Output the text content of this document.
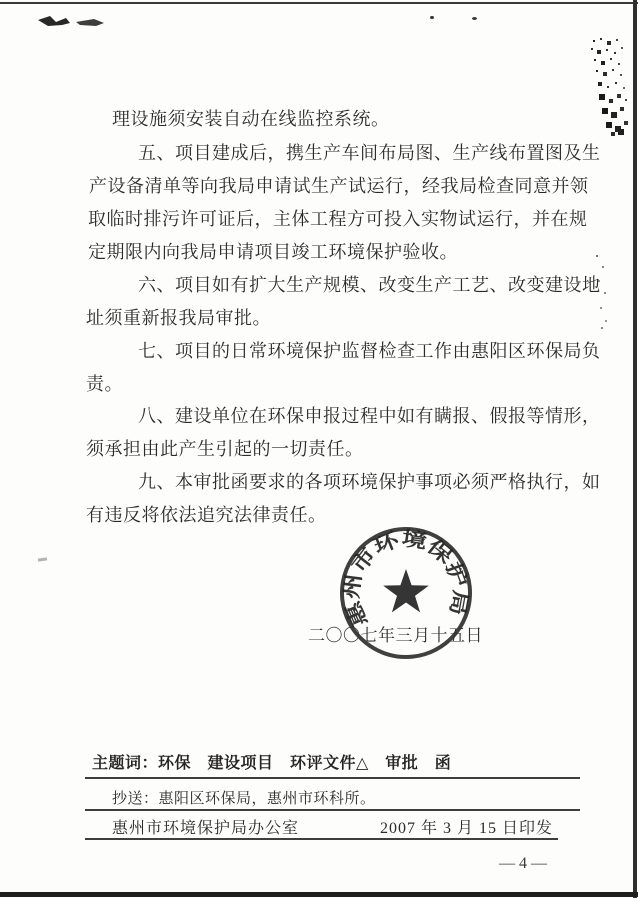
理设施须安装自动在线监控系统。
五、项目建成后，携生产车间布局图、生产线布置图及生
产设备清单等向我局申请试生产试运行，经我局检查同意并领
取临时排污许可证后，主体工程方可投入实物试运行，并在规
定期限内向我局申请项目竣工环境保护验收。
六、项目如有扩大生产规模、改变生产工艺、改变建设地
址须重新报我局审批。
七、项目的日常环境保护监督检查工作由惠阳区环保局负
责。
八、建设单位在环保申报过程中如有瞒报、假报等情形，
须承担由此产生引起的一切责任。
九、本审批函要求的各项环境保护事项必须严格执行，如
有违反将依法追究法律责任。
惠州市环境保护局
二〇〇七年三月十五日
主题词：环保　建设项目　环评文件△　审批　函
抄送：惠阳区环保局，惠州市环科所。
惠州市环境保护局办公室	2007 年 3 月 15 日印发
— 4 —
